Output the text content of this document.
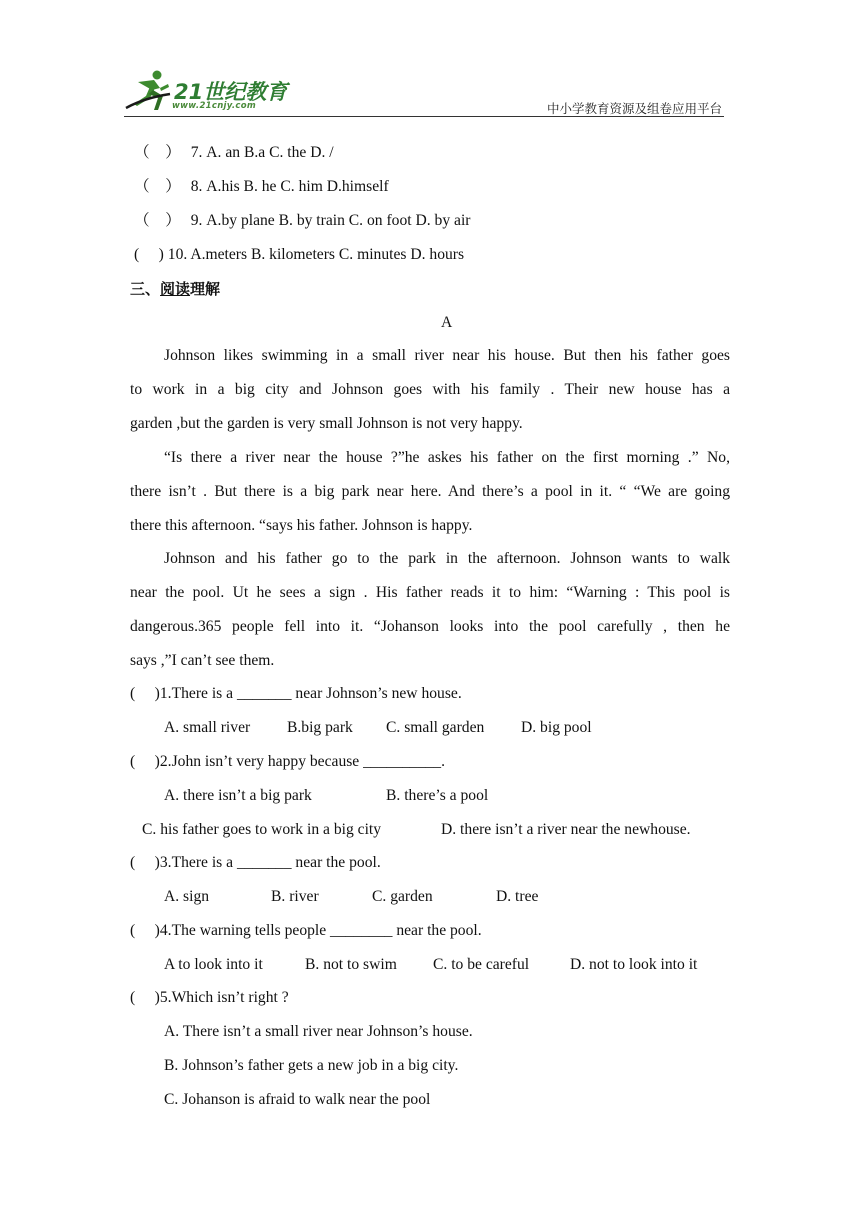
21世纪教育
www.21cnjy.com	中小学教育资源及组卷应用平台
（　） 7. A. an B.a C. the D. /
（　） 8. A.his B. he C. him D.himself
（　） 9. A.by plane B. by train C. on foot D. by air
(　 ) 10. A.meters B. kilometers C. minutes D. hours
三、阅读理解
A
Johnson likes swimming in a small river near his house. But then his father goes
to work in a big city and Johnson goes with his family . Their new house has a
garden ,but the garden is very small Johnson is not very happy.
“Is there a river near the house ?”he askes his father on the first morning .” No,
there isn’t . But there is a big park near here. And there’s a pool in it. “ “We are going
there this afternoon. “says his father. Johnson is happy.
Johnson and his father go to the park in the afternoon. Johnson wants to walk
near the pool. Ut he sees a sign . His father reads it to him: “Warning : This pool is
dangerous.365 people fell into it. “Johanson looks into the pool carefully , then he
says ,”I can’t see them.
(　 )1.There is a _______ near Johnson’s new house.
A. small river B.big park C. small garden D. big pool
(　 )2.John isn’t very happy because __________.
A. there isn’t a big park	B. there’s a pool
C. his father goes to work in a big city	D. there isn’t a river near the newhouse.
(　 )3.There is a _______ near the pool.
A. sign	B. river	C. garden	D. tree
(　 )4.The warning tells people ________ near the pool.
A to look into it	B. not to swim C. to be careful	D. not to look into it
(　 )5.Which isn’t right ?
A. There isn’t a small river near Johnson’s house.
B. Johnson’s father gets a new job in a big city.
C. Johanson is afraid to walk near the pool
